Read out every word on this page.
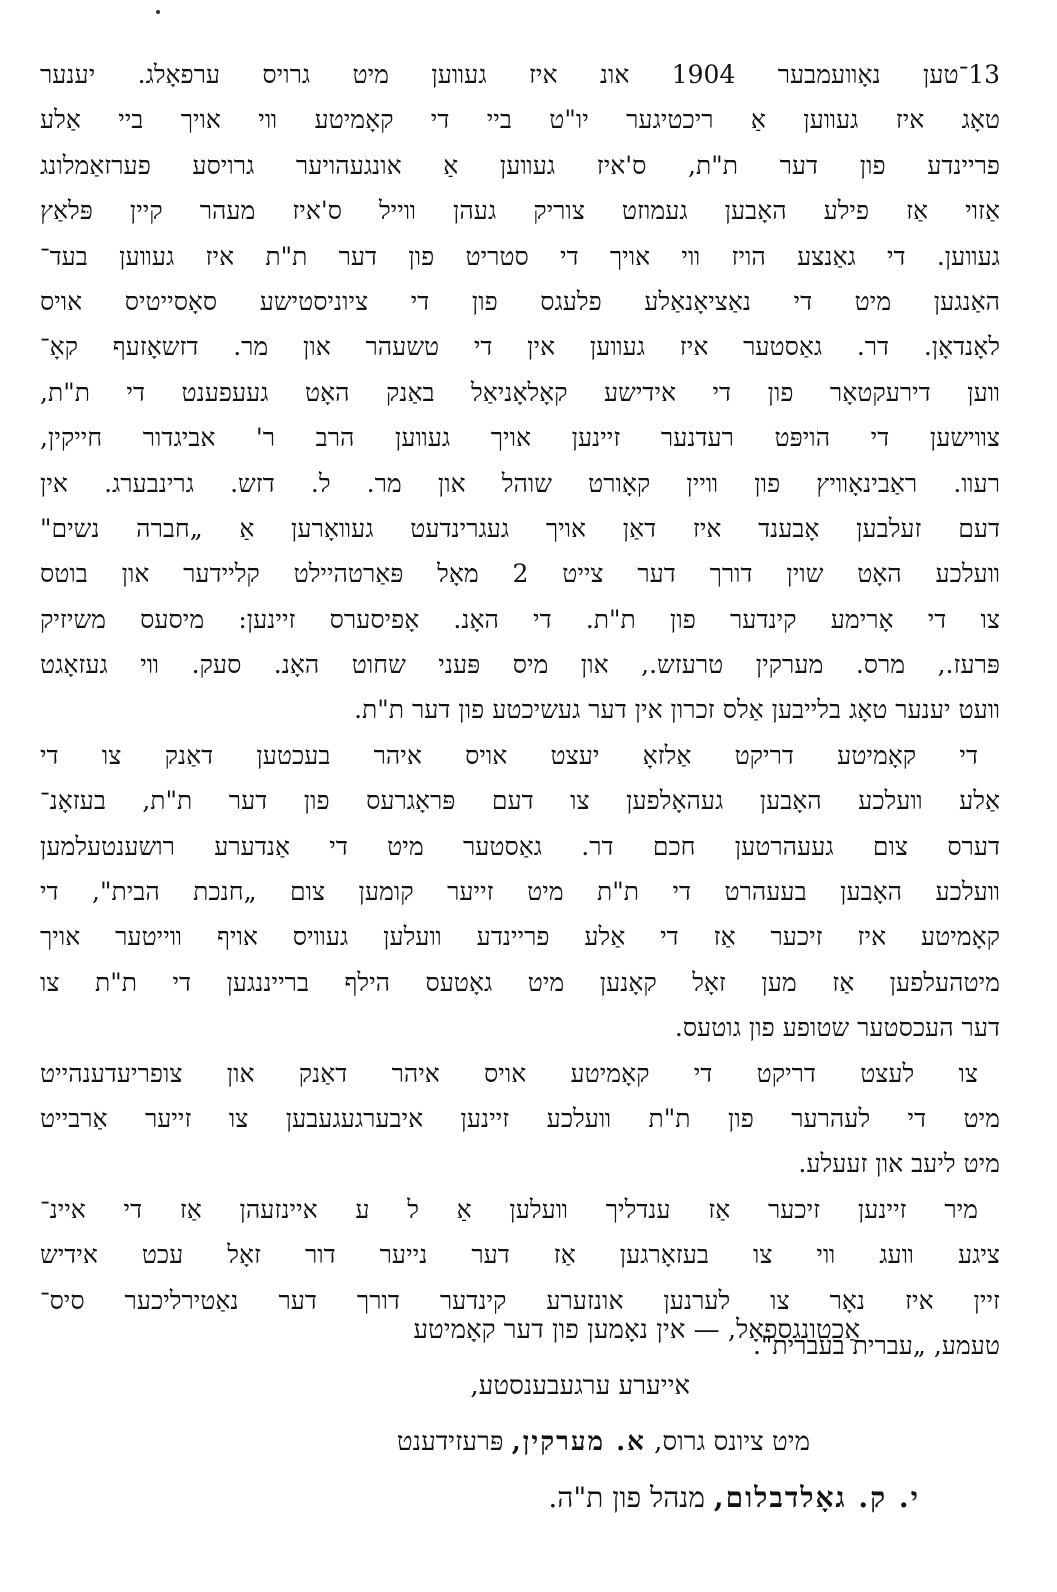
13־טען נאָװעמבער 1904 אונ איז געװען מיט גרויס ערפאָלג. יענער
טאָג איז געװען אַ ריכטיגער יו"ט ביי די קאָמיטע װי אויך ביי אַלע
פריינדע פון דער ת"ת, ס'איז געװען אַ אונגעהויער גרויסע פערזאַמלונג
אַזוי אַז פילע האָבען געמוזט צוריק געהן װייל ס'איז מעהר קיין פּלאַץ
געװען. די גאַנצע הויז װי אויך די סטריט פון דער ת"ת איז געװען בעד־
האַנגען מיט די נאַציאָנאַלע פלעגס פון די ציוניסטישע סאָסייטיס אויס
לאָנדאָן. דר. גאַסטער איז געװען אין די טשעהר און מר. דזשאָזעף קאָ־
װען דירעקטאָר פון די אידישע קאָלאָניאַל באַנק האָט געעפענט די ת"ת,
צװישען די הויפּט רעדנער זיינען אויך געװען הרב ר' אביגדור חייקין,
רעװ. ראַבינאָװיץ פון װיין קאָורט שוהל און מר. ל. דזש. גרינבערג. אין
דעם זעלבען אָבענד איז דאַן אויך געגרינדעט געװאָרען אַ „חברה נשים"
װעלכע האָט שוין דורך דער צייט 2 מאָל פּאַרטהיילט קליידער און בוטס
צו די אָרימע קינדער פון ת"ת. די האָנ. אָפיסערס זיינען: מיסעס משיזיק
פּרעז., מרס. מערקין טרעזש., און מיס פּעני שחוט האָנ. סעק. װי געזאָגט
װעט יענער טאָג בלייבען אַלס זכרון אין דער געשיכטע פון דער ת"ת.
די קאָמיטע דריקט אַלזאָ יעצט אויס איהר בעכטען דאַנק צו די
אַלע װעלכע האָבען געהאָלפען צו דעם פּראָגרעס פון דער ת"ת, בעזאָנ־
דערס צום געעהרטען חכם דר. גאַסטער מיט די אַנדערע רושענטעלמען
װעלכע האָבען בעעהרט די ת"ת מיט זייער קומען צום „חנכת הבית", די
קאָמיטע איז זיכער אַז די אַלע פריינדע װעלען געװיס אויף װייטער אויך
מיטהעלפען אַז מען זאָל קאָנען מיט גאָטעס הילף ברייננגען די ת"ת צו
דער העכסטער שטופע פון גוטעס.
צו לעצט דריקט די קאָמיטע אויס איהר דאַנק און צופריעדענהייט
מיט די לעהרער פון ת"ת װעלכע זיינען איבערגעגעבען צו זייער אַרבייט
מיט ליעב און זעעלע.
מיר זיינען זיכער אַז ענדליך װעלען אַ ל ע איינזעהן אַז די איינ־
ציגע װעג װי צו בעזאָרגען אַז דער נייער דור זאָל עכט אידיש
זיין איז נאָר צו לערנען אונזערע קינדער דורך דער נאַטירליכער סיס־
טעמע, „עברית בעברית".
אַכטונגספאָל, — אין נאָמען פון דער קאָמיטע
אייערע ערגעבענסטע,
מיט ציונס גרוס, א. מערקין, פּרעזידענט
י. ק. גאָלדבלום, מנהל פון ת"ה.
